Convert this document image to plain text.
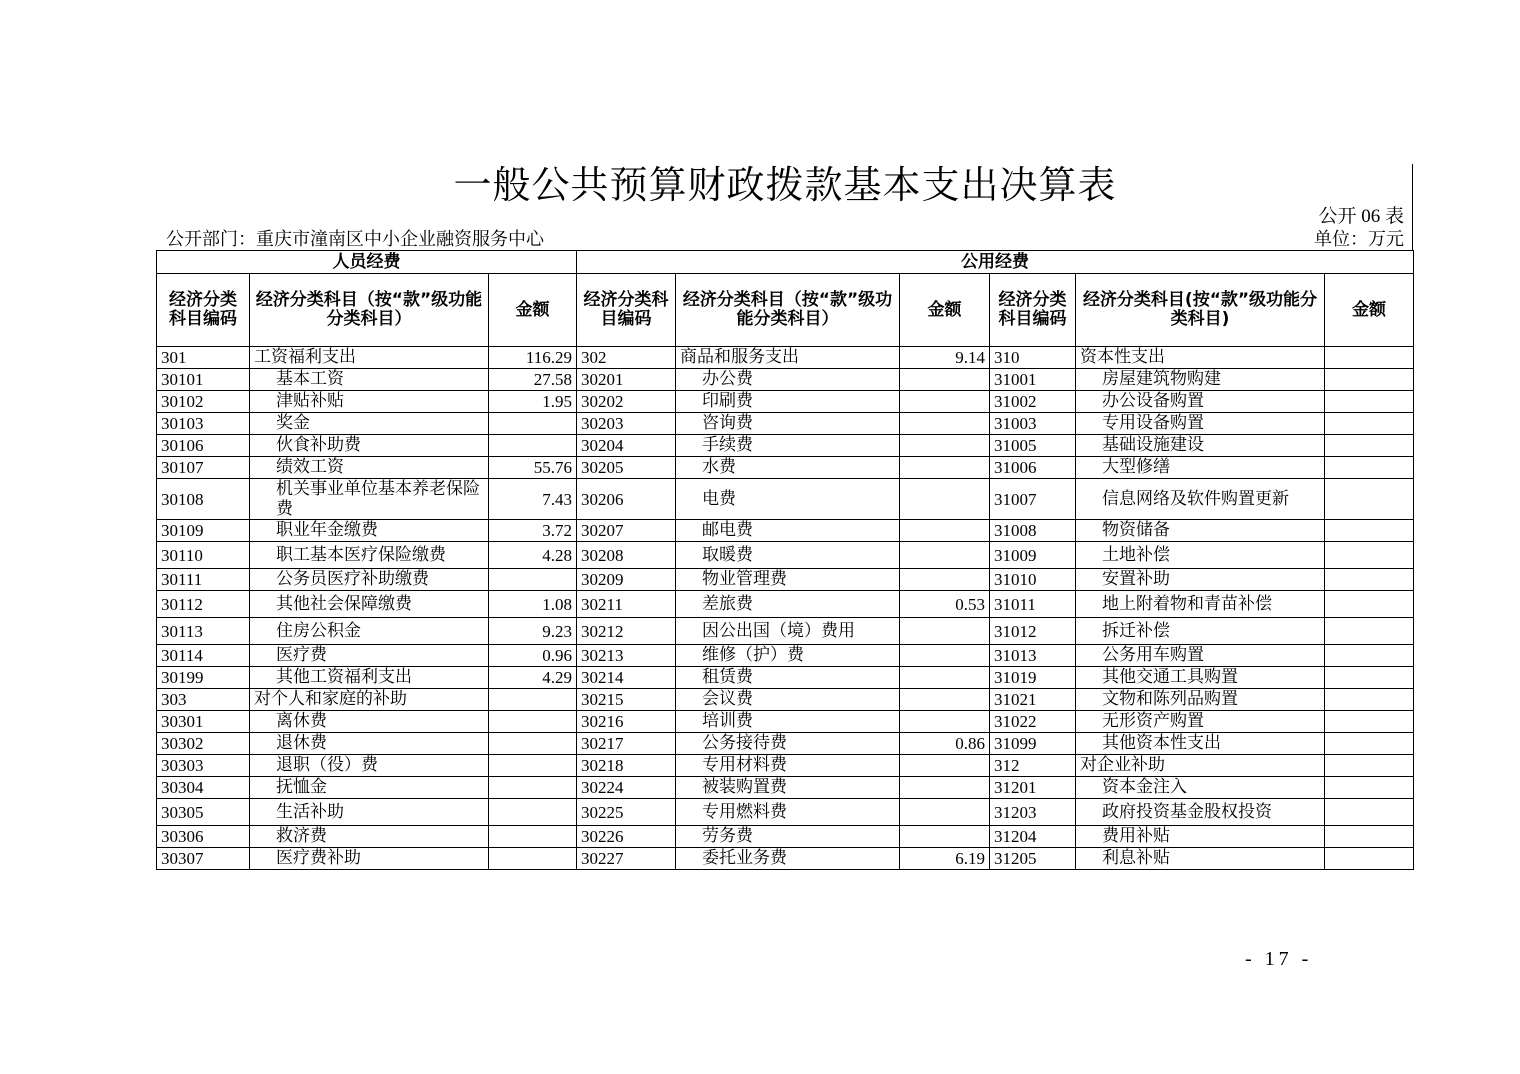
一般公共预算财政拨款基本支出决算表
公开 06 表
公开部门：重庆市潼南区中小企业融资服务中心	单位：万元
人员经费			公用经费					
经济分类科目编码	经济分类科目（按“款”级功能分类科目）	金额	经济分类科目编码	经济分类科目（按“款”级功能分类科目）	金额	经济分类科目编码	经济分类科目(按“款”级功能分类科目)	金额
301	工资福利支出	116.29	302	商品和服务支出	9.14	310	资本性支出	
30101	基本工资	27.58	30201	办公费		31001	房屋建筑物购建	
30102	津贴补贴	1.95	30202	印刷费		31002	办公设备购置	
30103	奖金		30203	咨询费		31003	专用设备购置	
30106	伙食补助费		30204	手续费		31005	基础设施建设	
30107	绩效工资	55.76	30205	水费		31006	大型修缮	
30108	机关事业单位基本养老保险费	7.43	30206	电费		31007	信息网络及软件购置更新	
30109	职业年金缴费	3.72	30207	邮电费		31008	物资储备	
30110	职工基本医疗保险缴费	4.28	30208	取暖费		31009	土地补偿	
30111	公务员医疗补助缴费		30209	物业管理费		31010	安置补助	
30112	其他社会保障缴费	1.08	30211	差旅费	0.53	31011	地上附着物和青苗补偿	
30113	住房公积金	9.23	30212	因公出国（境）费用		31012	拆迁补偿	
30114	医疗费	0.96	30213	维修（护）费		31013	公务用车购置	
30199	其他工资福利支出	4.29	30214	租赁费		31019	其他交通工具购置	
303	对个人和家庭的补助		30215	会议费		31021	文物和陈列品购置	
30301	离休费		30216	培训费		31022	无形资产购置	
30302	退休费		30217	公务接待费	0.86	31099	其他资本性支出	
30303	退职（役）费		30218	专用材料费		312	对企业补助	
30304	抚恤金		30224	被装购置费		31201	资本金注入	
30305	生活补助		30225	专用燃料费		31203	政府投资基金股权投资	
30306	救济费		30226	劳务费		31204	费用补贴	
30307	医疗费补助		30227	委托业务费	6.19	31205	利息补贴	
- 17 -
